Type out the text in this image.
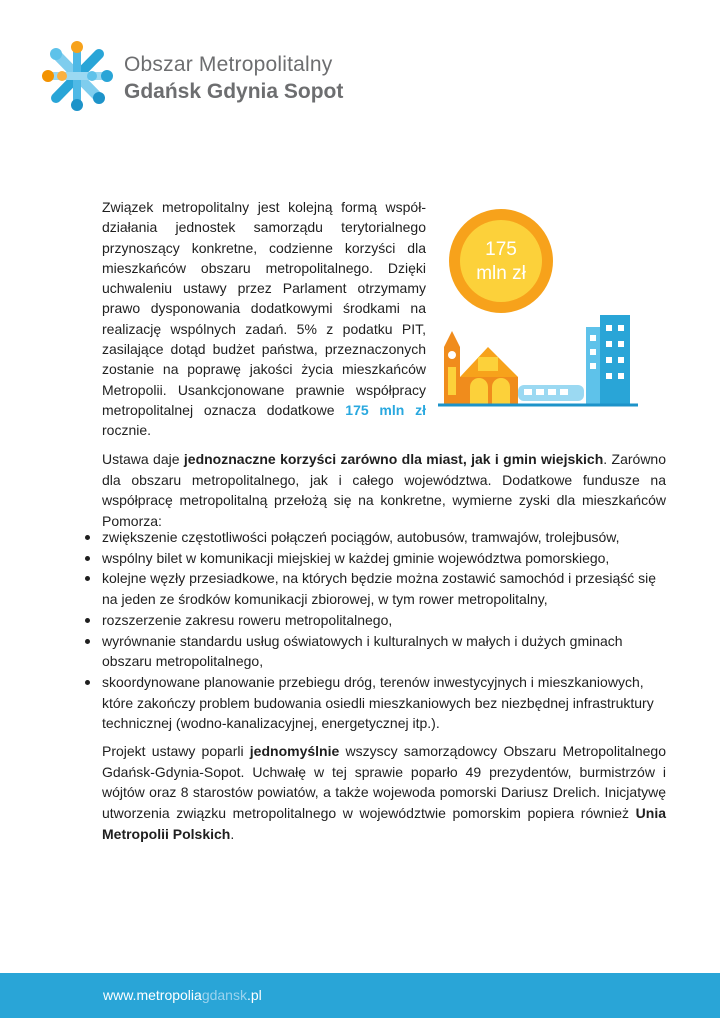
Obszar Metropolitalny
Gdańsk Gdynia Sopot

Związek metropolitalny jest kolejną formą współ-działania jednostek samorządu terytorialnego przynoszący konkretne, codzienne korzyści dla mieszkańców obszaru metropolitalnego. Dzięki uchwaleniu ustawy przez Parlament otrzymamy prawo dysponowania dodatkowymi środkami na realizację wspólnych zadań. 5% z podatku PIT, zasilające dotąd budżet państwa, przeznaczonych zostanie na poprawę jakości życia mieszkańców Metropolii. Usankcjonowane prawnie współpracy metropolitalnej oznacza dodatkowe 175 mln zł rocznie.

175
mln zł

Ustawa daje jednoznaczne korzyści zarówno dla miast, jak i gmin wiejskich. Zarówno dla obszaru metropolitalnego, jak i całego województwa. Dodatkowe fundusze na współpracę metropolitalną przełożą się na konkretne, wymierne zyski dla mieszkańców Pomorza:

zwiększenie częstotliwości połączeń pociągów, autobusów, tramwajów, trolejbusów,
wspólny bilet w komunikacji miejskiej w każdej gminie województwa pomorskiego,
kolejne węzły przesiadkowe, na których będzie można zostawić samochód i przesiąść się na jeden ze środków komunikacji zbiorowej, w tym rower metropolitalny,
rozszerzenie zakresu roweru metropolitalnego,
wyrównanie standardu usług oświatowych i kulturalnych w małych i dużych gminach obszaru metropolitalnego,
skoordynowane planowanie przebiegu dróg, terenów inwestycyjnych i mieszkaniowych, które zakończy problem budowania osiedli mieszkaniowych bez niezbędnej infrastruktury technicznej (wodno-kanalizacyjnej, energetycznej itp.).

Projekt ustawy poparli jednomyślnie wszyscy samorządowcy Obszaru Metropolitalnego Gdańsk-Gdynia-Sopot. Uchwałę w tej sprawie poparło 49 prezydentów, burmistrzów i wójtów oraz 8 starostów powiatów, a także wojewoda pomorski Dariusz Drelich. Inicjatywę utworzenia związku metropolitalnego w województwie pomorskim popiera również Unia Metropolii Polskich.

www.metropoliagdansk.pl
